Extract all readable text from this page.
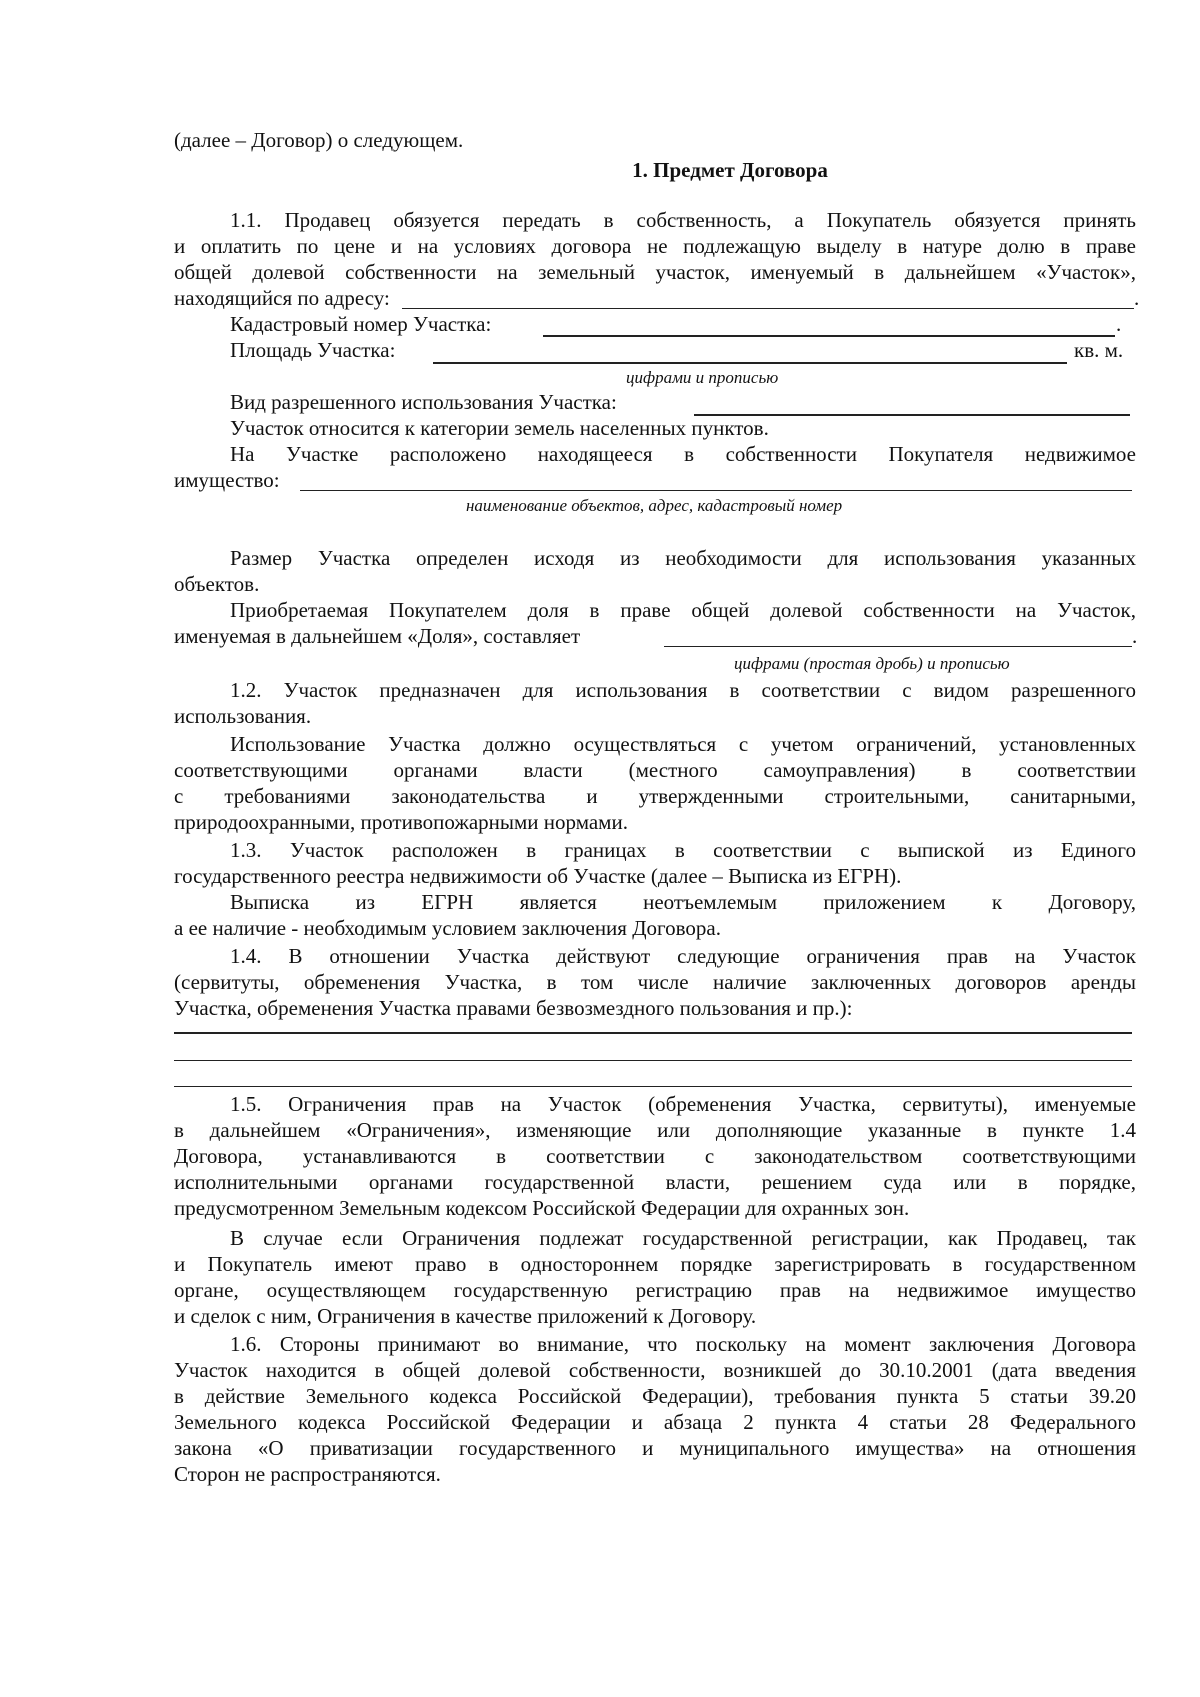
(далее – Договор) о следующем.
1. Предмет Договора
1.1. Продавец обязуется передать в собственность, а Покупатель обязуется принять
и оплатить по цене и на условиях договора не подлежащую выделу в натуре долю в праве
общей долевой собственности на земельный участок, именуемый в дальнейшем «Участок»,
находящийся по адресу:	.
Кадастровый номер Участка:	.
Площадь Участка:	кв. м.
цифрами и прописью
Вид разрешенного использования Участка:
Участок относится к категории земель населенных пунктов.
На Участке расположено находящееся в собственности Покупателя недвижимое
имущество:
наименование объектов, адрес, кадастровый номер
Размер Участка определен исходя из необходимости для использования указанных
объектов.
Приобретаемая Покупателем доля в праве общей долевой собственности на Участок,
именуемая в дальнейшем «Доля», составляет	.
цифрами (простая дробь) и прописью
1.2. Участок предназначен для использования в соответствии с видом разрешенного
использования.
Использование Участка должно осуществляться с учетом ограничений, установленных
соответствующими органами власти (местного самоуправления) в соответствии
с требованиями законодательства и утвержденными строительными, санитарными,
природоохранными, противопожарными нормами.
1.3. Участок расположен в границах в соответствии с выпиской из Единого
государственного реестра недвижимости об Участке (далее – Выписка из ЕГРН).
Выписка из ЕГРН является неотъемлемым приложением к Договору,
а ее наличие - необходимым условием заключения Договора.
1.4. В отношении Участка действуют следующие ограничения прав на Участок
(сервитуты, обременения Участка, в том числе наличие заключенных договоров аренды
Участка, обременения Участка правами безвозмездного пользования и пр.):
1.5. Ограничения прав на Участок (обременения Участка, сервитуты), именуемые
в дальнейшем «Ограничения», изменяющие или дополняющие указанные в пункте 1.4
Договора, устанавливаются в соответствии с законодательством соответствующими
исполнительными органами государственной власти, решением суда или в порядке,
предусмотренном Земельным кодексом Российской Федерации для охранных зон.
В случае если Ограничения подлежат государственной регистрации, как Продавец, так
и Покупатель имеют право в одностороннем порядке зарегистрировать в государственном
органе, осуществляющем государственную регистрацию прав на недвижимое имущество
и сделок с ним, Ограничения в качестве приложений к Договору.
1.6. Стороны принимают во внимание, что поскольку на момент заключения Договора
Участок находится в общей долевой собственности, возникшей до 30.10.2001 (дата введения
в действие Земельного кодекса Российской Федерации), требования пункта 5 статьи 39.20
Земельного кодекса Российской Федерации и абзаца 2 пункта 4 статьи 28 Федерального
закона «О приватизации государственного и муниципального имущества» на отношения
Сторон не распространяются.
